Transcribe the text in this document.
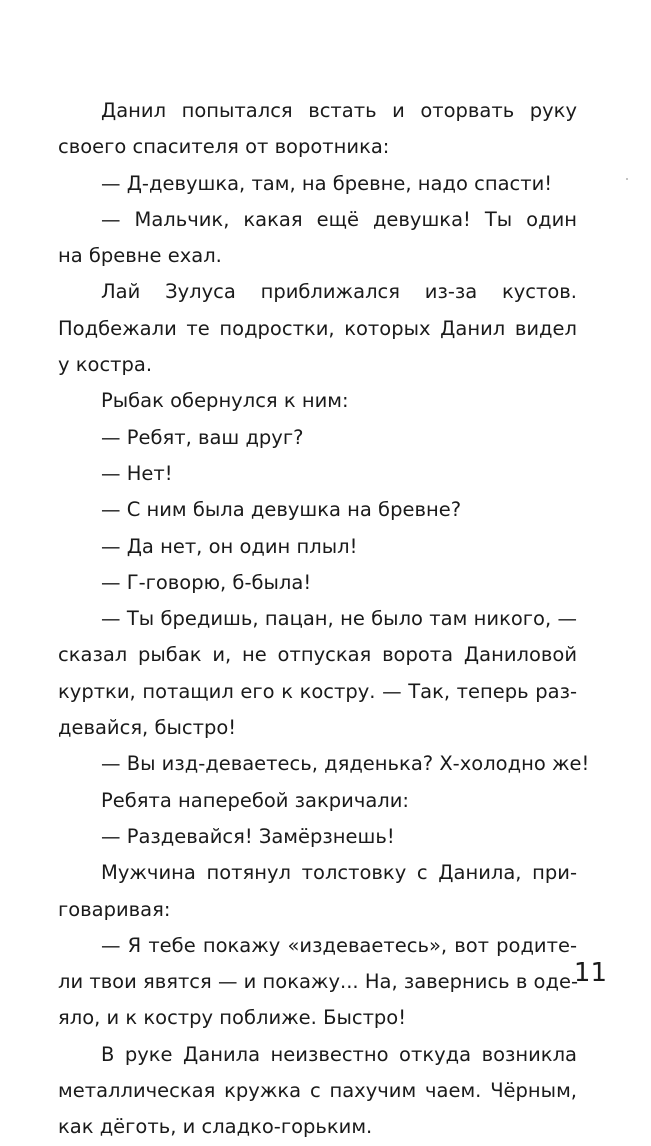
Данил попытался встать и оторвать руку
своего спасителя от воротника:
— Д-девушка, там, на бревне, надо спасти!
— Мальчик, какая ещё девушка! Ты один
на бревне ехал.
Лай Зулуса приближался из-за кустов.
Подбежали те подростки, которых Данил видел
у костра.
Рыбак обернулся к ним:
— Ребят, ваш друг?
— Нет!
— С ним была девушка на бревне?
— Да нет, он один плыл!
— Г-говорю, б-была!
— Ты бредишь, пацан, не было там никого, —
сказал рыбак и, не отпуская ворота Даниловой
куртки, потащил его к костру. — Так, теперь раз-
девайся, быстро!
— Вы изд-деваетесь, дяденька? Х-холодно же!
Ребята наперебой закричали:
— Раздевайся! Замёрзнешь!
Мужчина потянул толстовку с Данила, при-
говаривая:
— Я тебе покажу «издеваетесь», вот родите-
ли твои явятся — и покажу... На, завернись в оде-
яло, и к костру поближе. Быстро!
В руке Данила неизвестно откуда возникла
металлическая кружка с пахучим чаем. Чёрным,
как дёготь, и сладко-горьким.
11
